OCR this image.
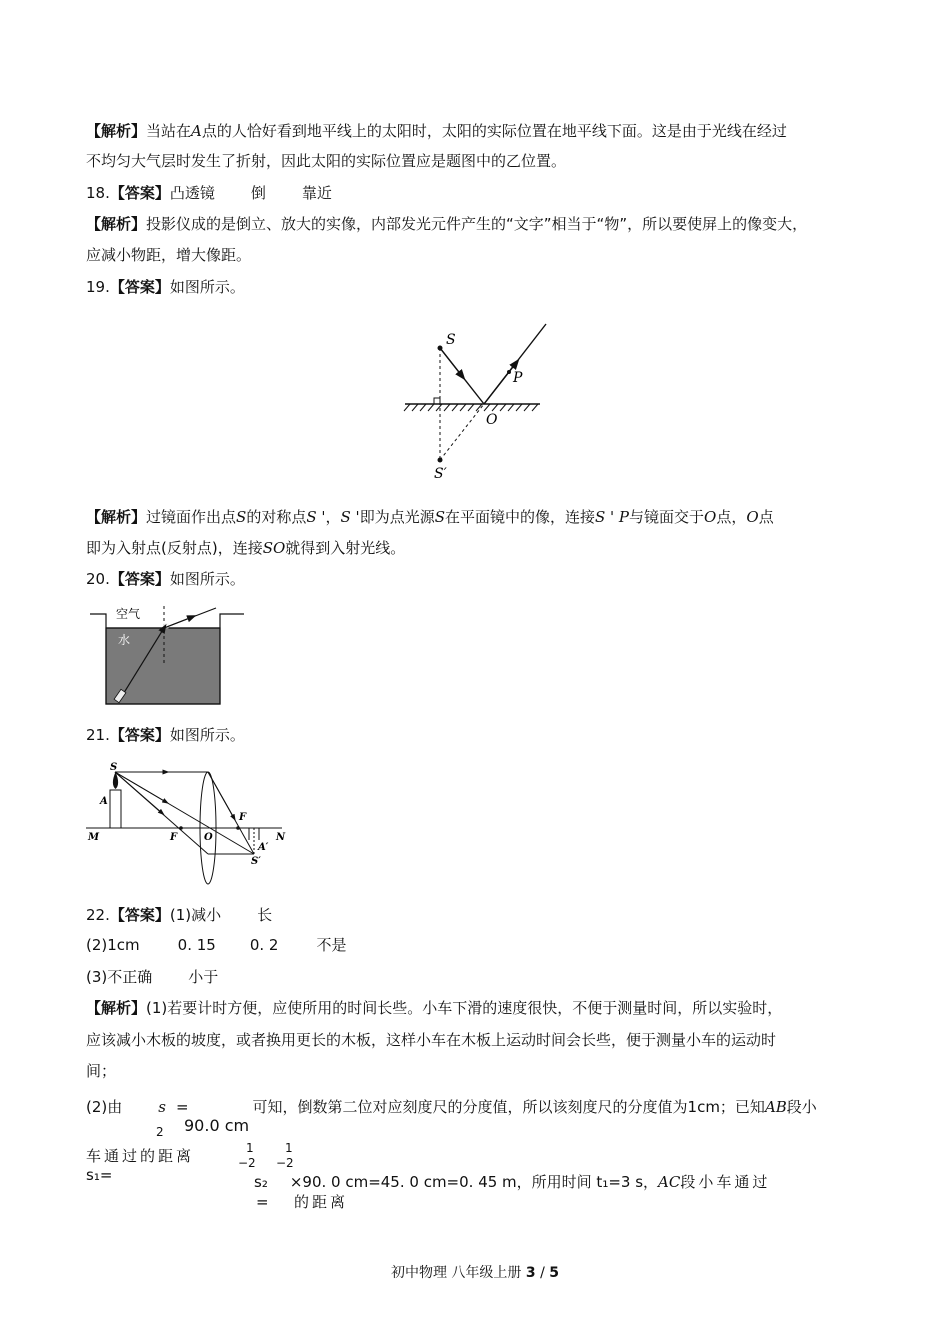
【解析】当站在A点的人恰好看到地平线上的太阳时，太阳的实际位置在地平线下面。这是由于光线在经过
不均匀大气层时发生了折射，因此太阳的实际位置应是题图中的乙位置。
18.【答案】凸透镜 倒 靠近
【解析】投影仪成的是倒立、放大的实像，内部发光元件产生的“文字”相当于“物”，所以要使屏上的像变大，
应减小物距，增大像距。
19.【答案】如图所示。
S
P
O
S′
【解析】过镜面作出点S的对称点S '，S '即为点光源S在平面镜中的像，连接S ' P与镜面交于O点，O点
即为入射点(反射点)，连接SO就得到入射光线。
20.【答案】如图所示。
空气
水
21.【答案】如图所示。
S
A
M	F	O
F
A′
S′
N
22.【答案】(1)减小 长
(2)1cm	0. 15 0. 2	不是
(3)不正确 小于
【解析】(1)若要计时方便，应使所用的时间长些。小车下滑的速度很快，不便于测量时间，所以实验时，
应该减小木板的坡度，或者换用更长的木板，这样小车在木板上运动时间会长些，便于测量小车的运动时
间；
(2)由 s =	可知，倒数第二位对应刻度尺的分度值，所以该刻度尺的分度值为1cm；已知AB段小
2 90.0 cm
车通过的距离	1	1
−2 −2
s₁=	s₂ ×90. 0 cm=45. 0 cm=0. 45 m，所用时间 t₁=3 s，AC段小车通过
= 的距离
初中物理 八年级上册 3 / 5
